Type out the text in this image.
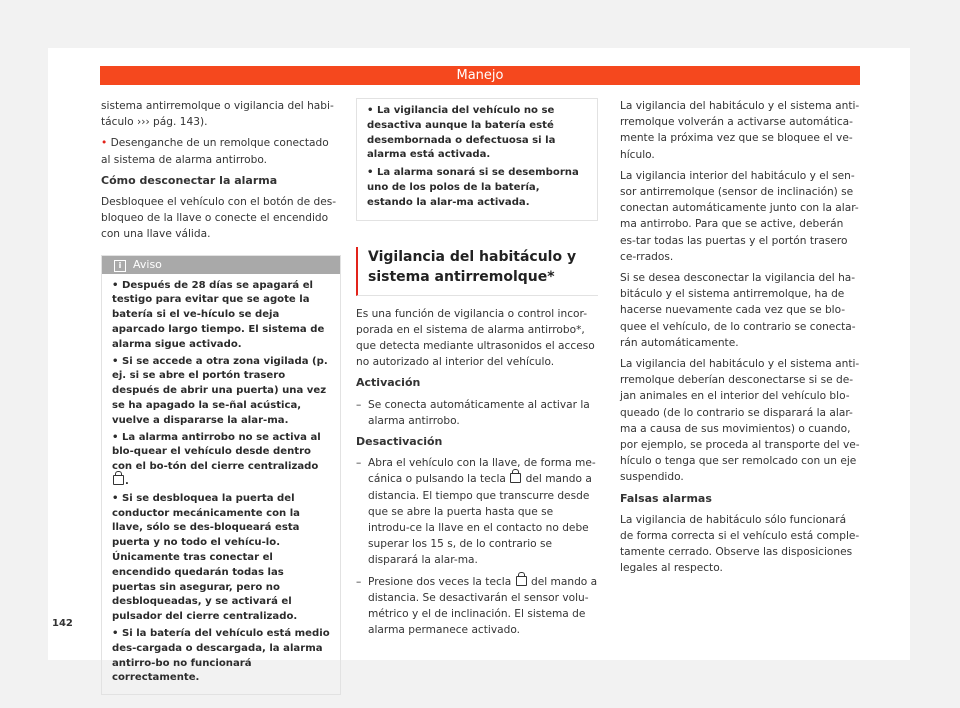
Manejo

sistema antirremolque o vigilancia del habi-
táculo ››› pág. 143).

• Desenganche de un remolque conectado al sistema de alarma antirrobo.

Cómo desconectar la alarma

Desbloquee el vehículo con el botón de des-bloqueo de la llave o conecte el encendido con una llave válida.

i Aviso

• Después de 28 días se apagará el testigo para evitar que se agote la batería si el ve-hículo se deja aparcado largo tiempo. El sistema de alarma sigue activado.

• Si se accede a otra zona vigilada (p. ej. si se abre el portón trasero después de abrir una puerta) una vez se ha apagado la se-ñal acústica, vuelve a dispararse la alar-ma.

• La alarma antirrobo no se activa al blo-quear el vehículo desde dentro con el bo-tón del cierre centralizado .

• Si se desbloquea la puerta del conductor mecánicamente con la llave, sólo se des-bloqueará esta puerta y no todo el vehícu-lo. Únicamente tras conectar el encendido quedarán todas las puertas sin asegurar, pero no desbloqueadas, y se activará el pulsador del cierre centralizado.

• Si la batería del vehículo está medio des-cargada o descargada, la alarma antirro-bo no funcionará correctamente.

• La vigilancia del vehículo no se desactiva aunque la batería esté desembornada o defectuosa si la alarma está activada.

• La alarma sonará si se desemborna uno de los polos de la batería, estando la alar-ma activada.

Vigilancia del habitáculo y sistema antirremolque*

Es una función de vigilancia o control incor-porada en el sistema de alarma antirrobo*, que detecta mediante ultrasonidos el acceso no autorizado al interior del vehículo.

Activación

– Se conecta automáticamente al activar la alarma antirrobo.

Desactivación

– Abra el vehículo con la llave, de forma me-cánica o pulsando la tecla del mando a distancia. El tiempo que transcurre desde que se abre la puerta hasta que se introdu-ce la llave en el contacto no debe superar los 15 s, de lo contrario se disparará la alar-ma.

– Presione dos veces la tecla del mando a distancia. Se desactivarán el sensor volu-métrico y el de inclinación. El sistema de alarma permanece activado.

La vigilancia del habitáculo y el sistema anti-rremolque volverán a activarse automática-mente la próxima vez que se bloquee el ve-hículo.

La vigilancia interior del habitáculo y el sen-sor antirremolque (sensor de inclinación) se conectan automáticamente junto con la alar-ma antirrobo. Para que se active, deberán es-tar todas las puertas y el portón trasero ce-rrados.

Si se desea desconectar la vigilancia del ha-bitáculo y el sistema antirremolque, ha de hacerse nuevamente cada vez que se blo-quee el vehículo, de lo contrario se conecta-rán automáticamente.

La vigilancia del habitáculo y el sistema anti-rremolque deberían desconectarse si se de-jan animales en el interior del vehículo blo-queado (de lo contrario se disparará la alar-ma a causa de sus movimientos) o cuando, por ejemplo, se proceda al transporte del ve-hículo o tenga que ser remolcado con un eje suspendido.

Falsas alarmas

La vigilancia de habitáculo sólo funcionará de forma correcta si el vehículo está comple-tamente cerrado. Observe las disposiciones legales al respecto.

142
